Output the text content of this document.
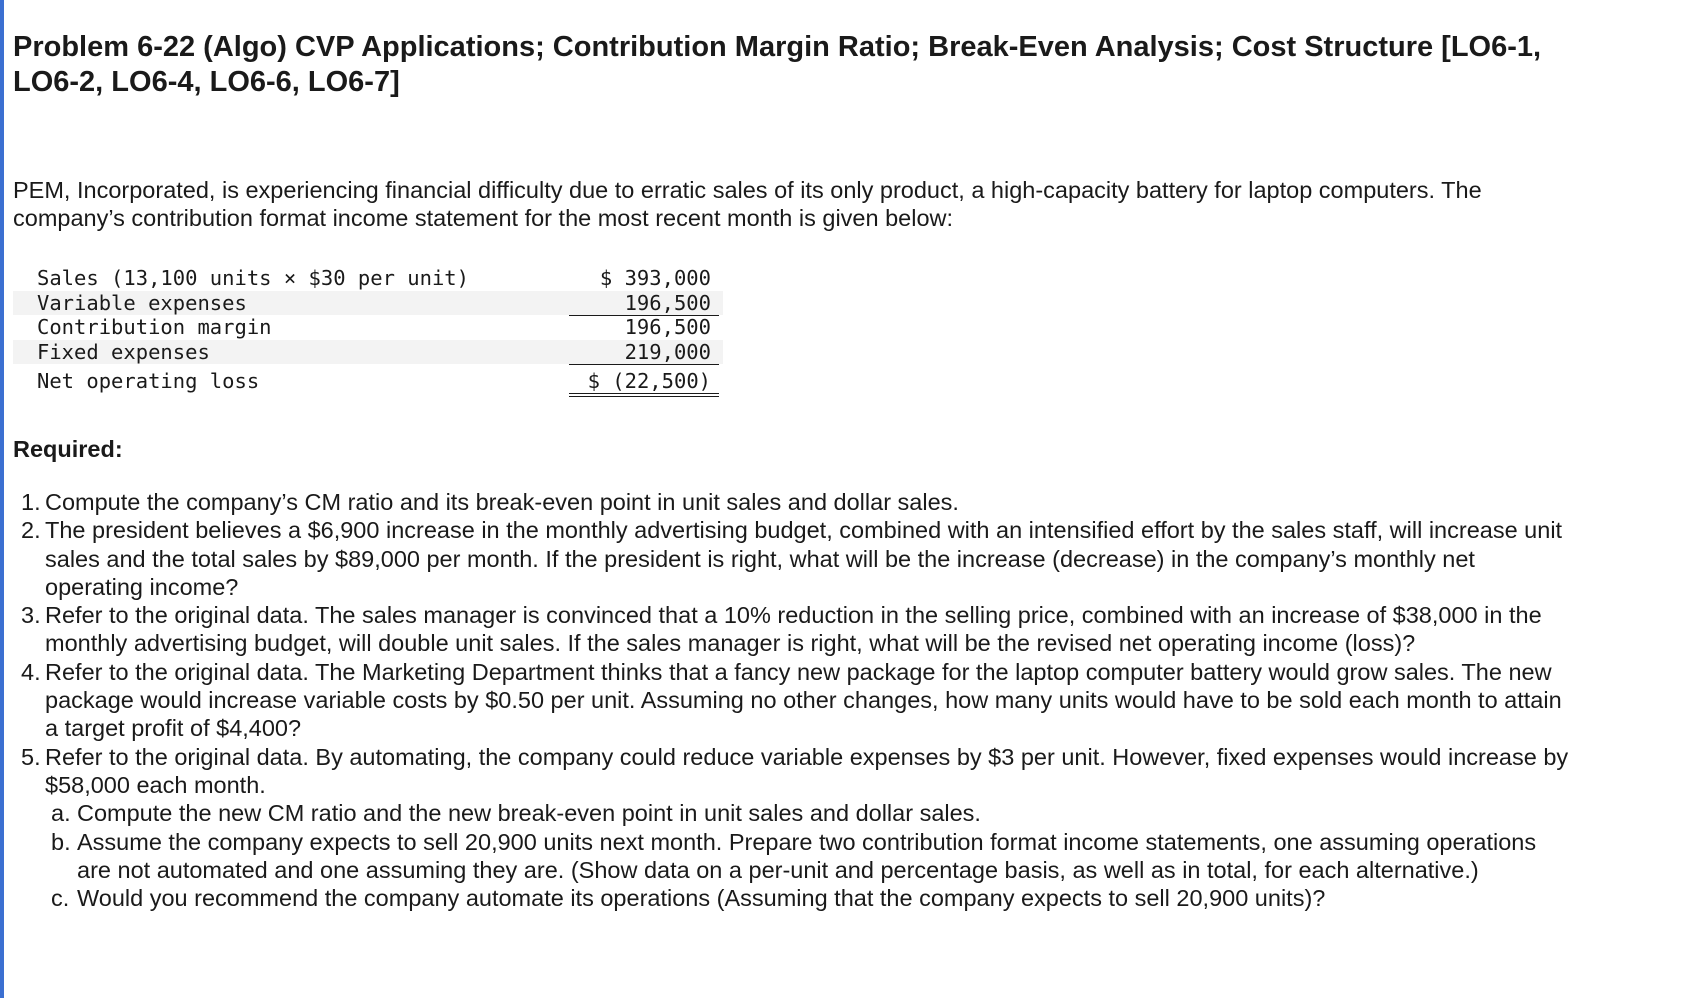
Problem 6-22 (Algo) CVP Applications; Contribution Margin Ratio; Break-Even Analysis; Cost Structure [LO6-1, LO6-2, LO6-4, LO6-6, LO6-7]

PEM, Incorporated, is experiencing financial difficulty due to erratic sales of its only product, a high-capacity battery for laptop computers. The company’s contribution format income statement for the most recent month is given below:

Sales (13,100 units × $30 per unit)	$ 393,000
Variable expenses	196,500
Contribution margin	196,500
Fixed expenses	219,000
Net operating loss	$ (22,500)
Required:
1. Compute the company’s CM ratio and its break-even point in unit sales and dollar sales.
2. The president believes a $6,900 increase in the monthly advertising budget, combined with an intensified effort by the sales staff, will increase unit sales and the total sales by $89,000 per month. If the president is right, what will be the increase (decrease) in the company’s monthly net operating income?
3. Refer to the original data. The sales manager is convinced that a 10% reduction in the selling price, combined with an increase of $38,000 in the monthly advertising budget, will double unit sales. If the sales manager is right, what will be the revised net operating income (loss)?
4. Refer to the original data. The Marketing Department thinks that a fancy new package for the laptop computer battery would grow sales. The new package would increase variable costs by $0.50 per unit. Assuming no other changes, how many units would have to be sold each month to attain a target profit of $4,400?
5. Refer to the original data. By automating, the company could reduce variable expenses by $3 per unit. However, fixed expenses would increase by $58,000 each month.
a. Compute the new CM ratio and the new break-even point in unit sales and dollar sales.
b. Assume the company expects to sell 20,900 units next month. Prepare two contribution format income statements, one assuming operations are not automated and one assuming they are. (Show data on a per-unit and percentage basis, as well as in total, for each alternative.)
c. Would you recommend the company automate its operations (Assuming that the company expects to sell 20,900 units)?
